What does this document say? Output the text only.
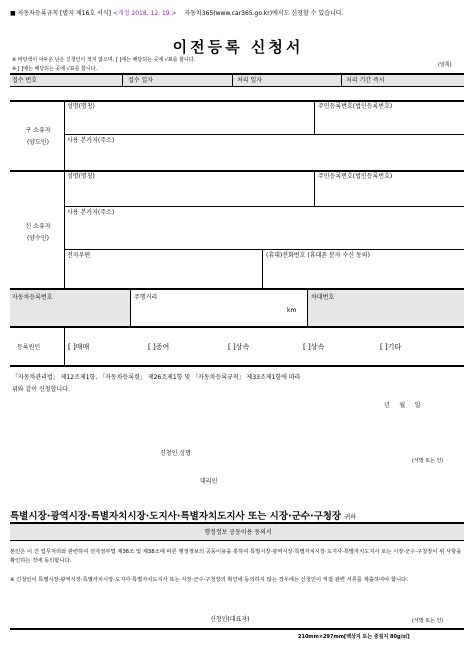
■ 자동차등록규칙 [별지 제16호 서식] <개정 2018. 12. 19.> 자동차365(www.car365.go.kr)에서도 신청할 수 있습니다.
이전등록 신청서
※ 바탕색이 어두운 난은 신청인이 적지 않으며, [ ]에는 해당되는 곳에 √표를 합니다.
※ [ ]에는 해당되는 곳에 √표를 합니다.
(앞쪽)
접수 번호	접수 일자	처리 일자	처리 기간 즉시
구 소유자
(양도인)
성명(명칭)	주민등록번호(법인등록번호)
사용 본거지(주소)
신 소유자
(양수인)
성명(명칭)	주민등록번호(법인등록번호)
사용 본거지(주소)
전자우편	(휴대)전화번호 (휴대폰 문자 수신 동의)
자동차등록번호	주행거리
km
차대번호
등록원인	[ ]매매	[ ]증여	[ ]상속	[ ]상속	[ ]기타
「자동차관리법」 제12조제1항, 「자동차등록령」 제26조제1항 및 「자동차등록규칙」 제33조제1항에 따라
위와 같이 신청합니다.
년     월     일
신청인 성명
(서명 또는 인)
대리인
특별시장·광역시장·특별자치시장·도지사·특별자치도지사 또는 시장·군수·구청장 귀하
행정정보 공동이용 동의서
본인은 이 건 업무처리와 관련하여 전자정부법 제36조 및 제38조에 따른 행정정보의 공동이용을 통하여 특별시장·광역시장·특별자치시장·도지사·특별자치도지사 또는 시장·군수·구청장이 위 사항을 확인하는 것에 동의합니다.
※ 신청인이 특별시장·광역시장·특별자치시장·도지사·특별자치도지사 또는 시장·군수·구청장의 확인에 동의하지 않는 경우에는 신청인이 직접 관련 서류를 제출하여야 합니다.
신청인(대표자)	(서명 또는 인)
210mm×297mm[백상지 또는 중질지 80g/㎡]
